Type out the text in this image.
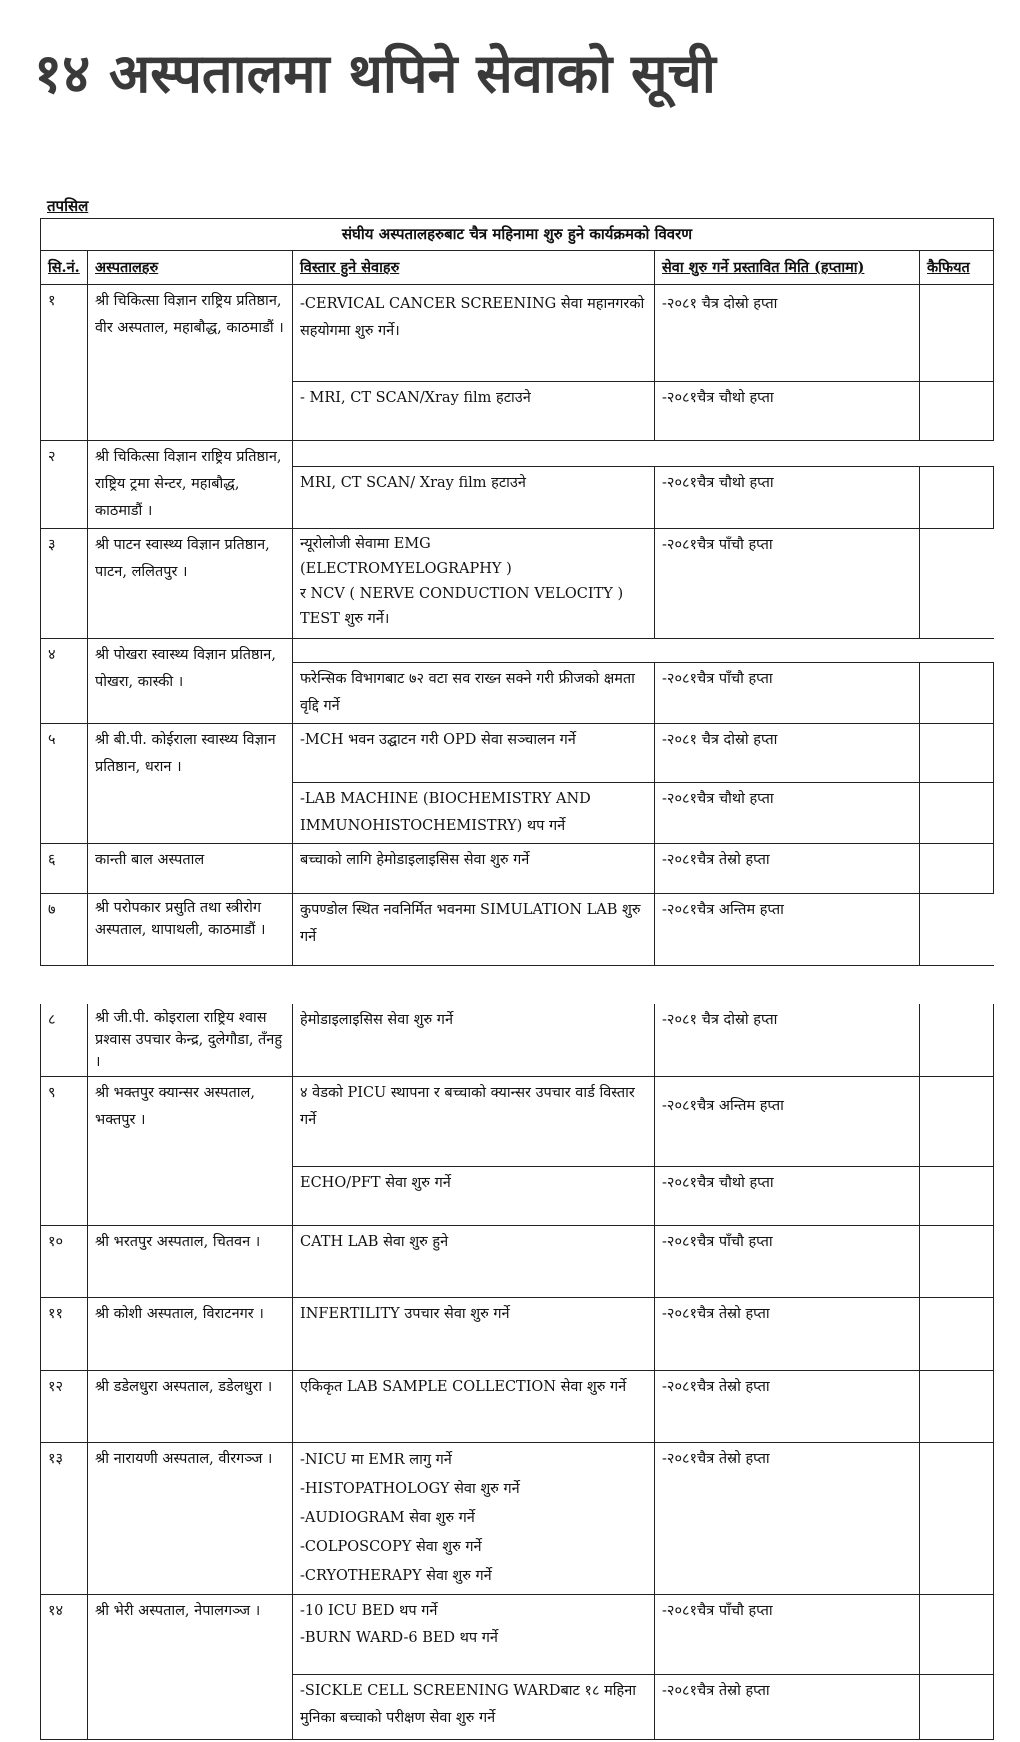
१४ अस्पतालमा थपिने सेवाको सूची
तपसिल
संघीय अस्पतालहरुबाट चैत्र महिनामा शुरु हुने कार्यक्रमको विवरण				
सि.नं.	अस्पतालहरु	विस्तार हुने सेवाहरु	सेवा शुरु गर्ने प्रस्तावित मिति (हप्तामा)	कैफियत
१	श्री चिकित्सा विज्ञान राष्ट्रिय प्रतिष्ठान, वीर अस्पताल, महाबौद्ध, काठमाडौं ।	-CERVICAL CANCER SCREENING सेवा महानगरको सहयोगमा शुरु गर्ने।	-२०८१ चैत्र दोस्रो हप्ता	
		- MRI, CT SCAN/Xray film हटाउने	-२०८१चैत्र चौथो हप्ता	
२	श्री चिकित्सा विज्ञान राष्ट्रिय प्रतिष्ठान, राष्ट्रिय ट्रमा सेन्टर, महाबौद्ध, काठमाडौं ।			
		MRI, CT SCAN/ Xray film हटाउने	-२०८१चैत्र चौथो हप्ता	
३	श्री पाटन स्वास्थ्य विज्ञान प्रतिष्ठान, पाटन, ललितपुर ।	न्यूरोलोजी सेवामा EMG
(ELECTROMYELOGRAPHY )
र NCV ( NERVE CONDUCTION VELOCITY )
TEST शुरु गर्ने।	-२०८१चैत्र पाँचौ हप्ता	
४	श्री पोखरा स्वास्थ्य विज्ञान प्रतिष्ठान, पोखरा, कास्की ।			
		फरेन्सिक विभागबाट ७२ वटा सव राख्न सक्ने गरी फ्रीजको क्षमता वृद्दि गर्ने	-२०८१चैत्र पाँचौ हप्ता	
५	श्री बी.पी. कोईराला स्वास्थ्य विज्ञान प्रतिष्ठान, धरान ।	-MCH भवन उद्घाटन गरी OPD सेवा सञ्चालन गर्ने	-२०८१ चैत्र दोस्रो हप्ता	
		-LAB MACHINE (BIOCHEMISTRY AND IMMUNOHISTOCHEMISTRY) थप गर्ने	-२०८१चैत्र चौथो हप्ता	
६	कान्ती बाल अस्पताल	बच्चाको लागि हेमोडाइलाइसिस सेवा शुरु गर्ने	-२०८१चैत्र तेस्रो हप्ता	
७	श्री परोपकार प्रसुति तथा स्त्रीरोग अस्पताल, थापाथली, काठमाडौं ।	कुपण्डोल स्थित नवनिर्मित भवनमा SIMULATION LAB शुरु गर्ने	-२०८१चैत्र अन्तिम हप्ता	
८	श्री जी.पी. कोइराला राष्ट्रिय श्वास प्रश्वास उपचार केन्द्र, दुलेगौडा, तँनहु ।	हेमोडाइलाइसिस सेवा शुरु गर्ने	-२०८१ चैत्र दोस्रो हप्ता	
९	श्री भक्तपुर क्यान्सर अस्पताल, भक्तपुर ।	४ वेडको PICU स्थापना र बच्चाको क्यान्सर उपचार वार्ड विस्तार गर्ने	-२०८१चैत्र अन्तिम हप्ता	
		ECHO/PFT सेवा शुरु गर्ने	-२०८१चैत्र चौथो हप्ता	
१०	श्री भरतपुर अस्पताल, चितवन ।	CATH LAB सेवा शुरु हुने	-२०८१चैत्र पाँचौ हप्ता	
११	श्री कोशी अस्पताल, विराटनगर ।	INFERTILITY उपचार सेवा शुरु गर्ने	-२०८१चैत्र तेस्रो हप्ता	
१२	श्री डडेलधुरा अस्पताल, डडेलधुरा ।	एकिकृत LAB SAMPLE COLLECTION सेवा शुरु गर्ने	-२०८१चैत्र तेस्रो हप्ता	
१३	श्री नारायणी अस्पताल, वीरगञ्ज ।	-NICU मा EMR लागु गर्ने
-HISTOPATHOLOGY सेवा शुरु गर्ने
-AUDIOGRAM सेवा शुरु गर्ने
-COLPOSCOPY सेवा शुरु गर्ने
-CRYOTHERAPY सेवा शुरु गर्ने	-२०८१चैत्र तेस्रो हप्ता	
१४	श्री भेरी अस्पताल, नेपालगञ्ज ।	-10 ICU BED थप गर्ने
-BURN WARD-6 BED थप गर्ने	-२०८१चैत्र पाँचौ हप्ता	
		-SICKLE CELL SCREENING WARDबाट १८ महिना मुनिका बच्चाको परीक्षण सेवा शुरु गर्ने	-२०८१चैत्र तेस्रो हप्ता	
